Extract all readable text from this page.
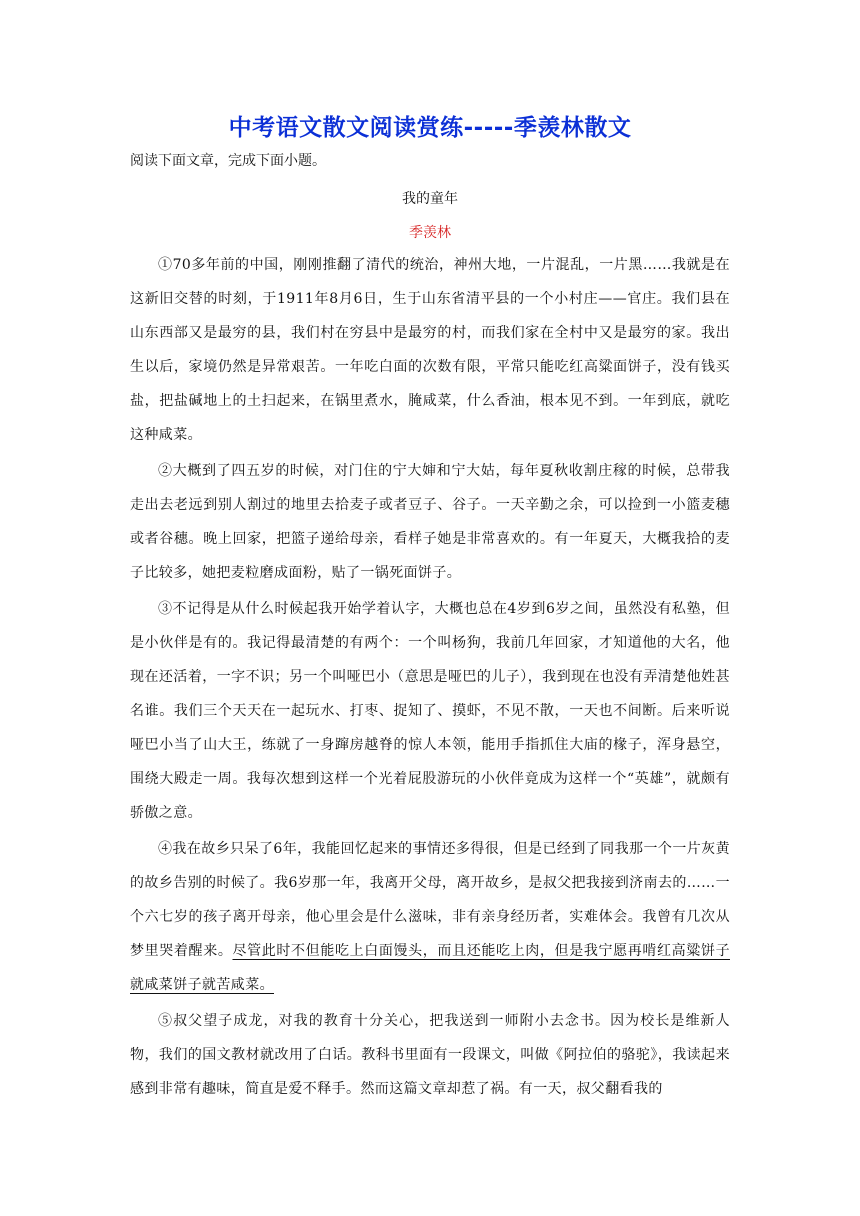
中考语文散文阅读赏练-----季羡林散文

阅读下面文章，完成下面小题。

我的童年

季羡林

①70多年前的中国，刚刚推翻了清代的统治，神州大地，一片混乱，一片黑……我就是在这新旧交替的时刻，于1911年8月6日，生于山东省清平县的一个小村庄——官庄。我们县在山东西部又是最穷的县，我们村在穷县中是最穷的村，而我们家在全村中又是最穷的家。我出生以后，家境仍然是异常艰苦。一年吃白面的次数有限，平常只能吃红高粱面饼子，没有钱买盐，把盐碱地上的土扫起来，在锅里煮水，腌咸菜，什么香油，根本见不到。一年到底，就吃这种咸菜。

②大概到了四五岁的时候，对门住的宁大婶和宁大姑，每年夏秋收割庄稼的时候，总带我走出去老远到别人割过的地里去拾麦子或者豆子、谷子。一天辛勤之余，可以捡到一小篮麦穗或者谷穗。晚上回家，把篮子递给母亲，看样子她是非常喜欢的。有一年夏天，大概我拾的麦子比较多，她把麦粒磨成面粉，贴了一锅死面饼子。

③不记得是从什么时候起我开始学着认字，大概也总在4岁到6岁之间，虽然没有私塾，但是小伙伴是有的。我记得最清楚的有两个：一个叫杨狗，我前几年回家，才知道他的大名，他现在还活着，一字不识；另一个叫哑巴小（意思是哑巴的儿子），我到现在也没有弄清楚他姓甚名谁。我们三个天天在一起玩水、打枣、捉知了、摸虾，不见不散，一天也不间断。后来听说哑巴小当了山大王，练就了一身蹿房越脊的惊人本领，能用手指抓住大庙的椽子，浑身悬空，围绕大殿走一周。我每次想到这样一个光着屁股游玩的小伙伴竟成为这样一个“英雄”，就颇有骄傲之意。

④我在故乡只呆了6年，我能回忆起来的事情还多得很，但是已经到了同我那一个一片灰黄的故乡告别的时候了。我6岁那一年，我离开父母，离开故乡，是叔父把我接到济南去的……一个六七岁的孩子离开母亲，他心里会是什么滋味，非有亲身经历者，实难体会。我曾有几次从梦里哭着醒来。尽管此时不但能吃上白面馒头，而且还能吃上肉，但是我宁愿再啃红高粱饼子就咸菜饼子就苦咸菜。

⑤叔父望子成龙，对我的教育十分关心，把我送到一师附小去念书。因为校长是维新人物，我们的国文教材就改用了白话。教科书里面有一段课文，叫做《阿拉伯的骆驼》，我读起来感到非常有趣味，简直是爱不释手。然而这篇文章却惹了祸。有一天，叔父翻看我的
